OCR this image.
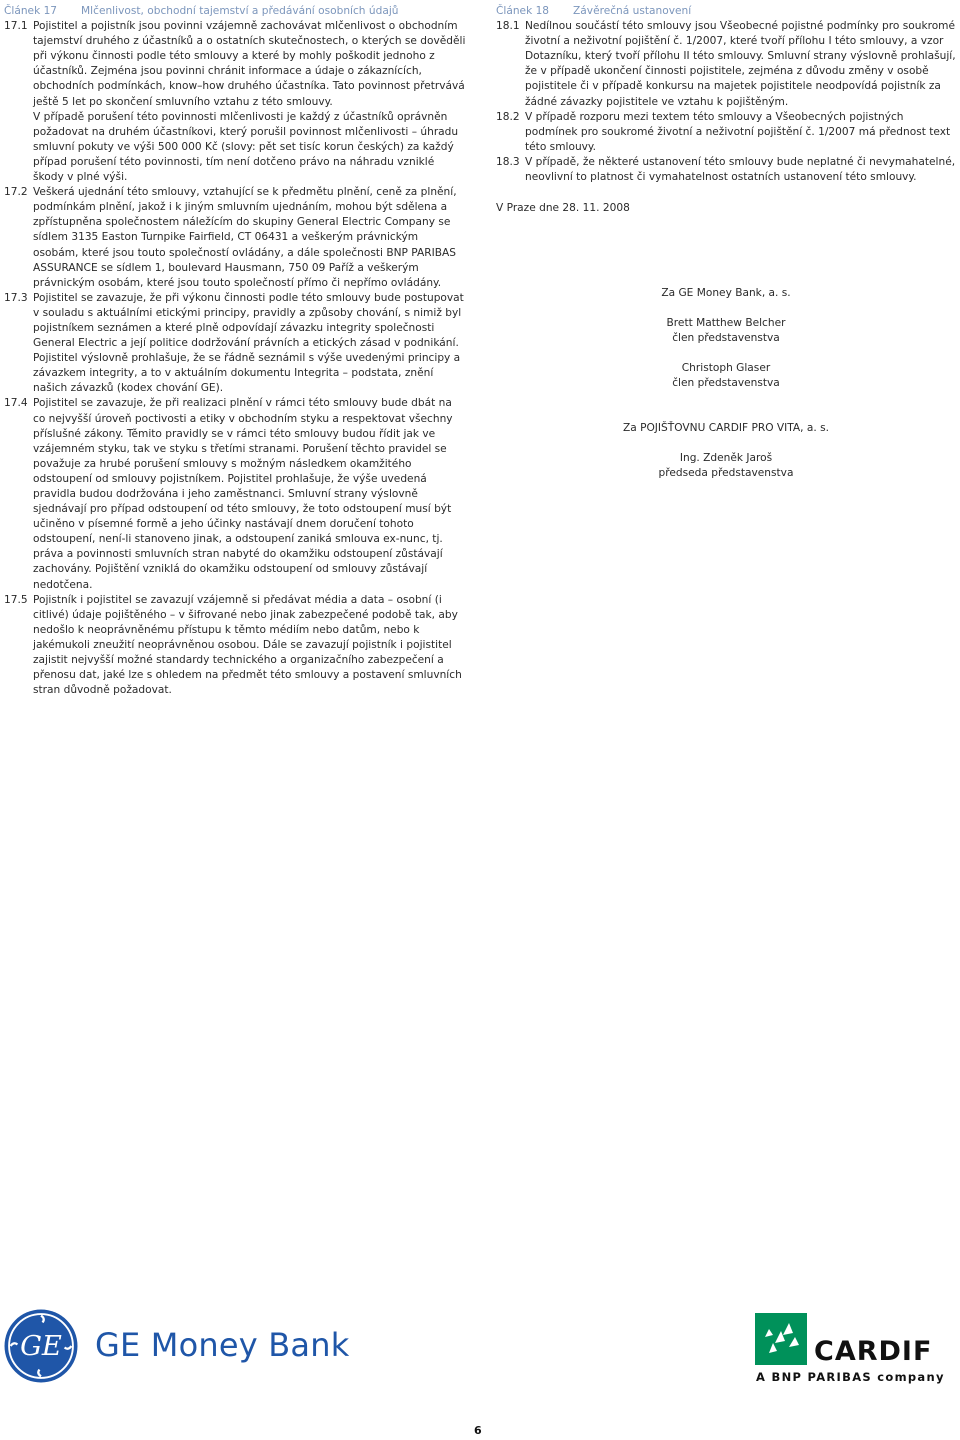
Článek 17 Mlčenlivost, obchodní tajemství a předávání osobních údajů
17.1 Pojistitel a pojistník jsou povinni vzájemně zachovávat mlčenlivost o obchodním tajemství druhého z účastníků a o ostatních skutečnostech, o kterých se dověděli při výkonu činnosti podle této smlouvy a které by mohly poškodit jednoho z účastníků. Zejména jsou povinni chránit informace a údaje o zákaznících, obchodních podmínkách, know–how druhého účastníka. Tato povinnost přetrvává ještě 5 let po skončení smluvního vztahu z této smlouvy.

V případě porušení této povinnosti mlčenlivosti je každý z účastníků oprávněn požadovat na druhém účastníkovi, který porušil povinnost mlčenlivosti – úhradu smluvní pokuty ve výši 500 000 Kč (slovy: pět set tisíc korun českých) za každý případ porušení této povinnosti, tím není dotčeno právo na náhradu vzniklé škody v plné výši.

17.2 Veškerá ujednání této smlouvy, vztahující se k předmětu plnění, ceně za plnění, podmínkám plnění, jakož i k jiným smluvním ujednáním, mohou být sdělena a zpřístupněna společnostem náležícím do skupiny General Electric Company se sídlem 3135 Easton Turnpike Fairfield, CT 06431 a veškerým právnickým osobám, které jsou touto společností ovládány, a dále společnosti BNP PARIBAS ASSURANCE se sídlem 1, boulevard Hausmann, 750 09 Paříž a veškerým právnickým osobám, které jsou touto společností přímo či nepřímo ovládány.

17.3 Pojistitel se zavazuje, že při výkonu činnosti podle této smlouvy bude postupovat v souladu s aktuálními etickými principy, pravidly a způsoby chování, s nimiž byl pojistníkem seznámen a které plně odpovídají závazku integrity společnosti General Electric a její politice dodržování právních a etických zásad v podnikání. Pojistitel výslovně prohlašuje, že se řádně seznámil s výše uvedenými principy a závazkem integrity, a to v aktuálním dokumentu Integrita – podstata, znění našich závazků (kodex chování GE).

17.4 Pojistitel se zavazuje, že při realizaci plnění v rámci této smlouvy bude dbát na co nejvyšší úroveň poctivosti a etiky v obchodním styku a respektovat všechny příslušné zákony. Těmito pravidly se v rámci této smlouvy budou řídit jak ve vzájemném styku, tak ve styku s třetími stranami. Porušení těchto pravidel se považuje za hrubé porušení smlouvy s možným následkem okamžitého odstoupení od smlouvy pojistníkem. Pojistitel prohlašuje, že výše uvedená pravidla budou dodržována i jeho zaměstnanci. Smluvní strany výslovně sjednávají pro případ odstoupení od této smlouvy, že toto odstoupení musí být učiněno v písemné formě a jeho účinky nastávají dnem doručení tohoto odstoupení, není-li stanoveno jinak, a odstoupení zaniká smlouva ex-nunc, tj. práva a povinnosti smluvních stran nabyté do okamžiku odstoupení zůstávají zachovány. Pojištění vzniklá do okamžiku odstoupení od smlouvy zůstávají nedotčena.

17.5 Pojistník i pojistitel se zavazují vzájemně si předávat média a data – osobní (i citlivé) údaje pojištěného – v šifrované nebo jinak zabezpečené podobě tak, aby nedošlo k neoprávněnému přístupu k těmto médiím nebo datům, nebo k jakémukoli zneužití neoprávněnou osobou. Dále se zavazují pojistník i pojistitel zajistit nejvyšší možné standardy technického a organizačního zabezpečení a přenosu dat, jaké lze s ohledem na předmět této smlouvy a postavení smluvních stran důvodně požadovat.

Článek 18 Závěrečná ustanovení
18.1 Nedílnou součástí této smlouvy jsou Všeobecné pojistné podmínky pro soukromé životní a neživotní pojištění č. 1/2007, které tvoří přílohu I této smlouvy, a vzor Dotazníku, který tvoří přílohu II této smlouvy. Smluvní strany výslovně prohlašují, že v případě ukončení činnosti pojistitele, zejména z důvodu změny v osobě pojistitele či v případě konkursu na majetek pojistitele neodpovídá pojistník za žádné závazky pojistitele ve vztahu k pojištěným.

18.2 V případě rozporu mezi textem této smlouvy a Všeobecných pojistných podmínek pro soukromé životní a neživotní pojištění č. 1/2007 má přednost text této smlouvy.

18.3 V případě, že některé ustanovení této smlouvy bude neplatné či nevymahatelné, neovlivní to platnost či vymahatelnost ostatních ustanovení této smlouvy.

V Praze dne 28. 11. 2008

Za GE Money Bank, a. s.

Brett Matthew Belcher

člen představenstva

Christoph Glaser

člen představenstva

Za POJIŠŤOVNU CARDIF PRO VITA, a. s.

Ing. Zdeněk Jaroš

předseda představenstva

GE GE Money Bank	CARDIF
A BNP PARIBAS company
6
